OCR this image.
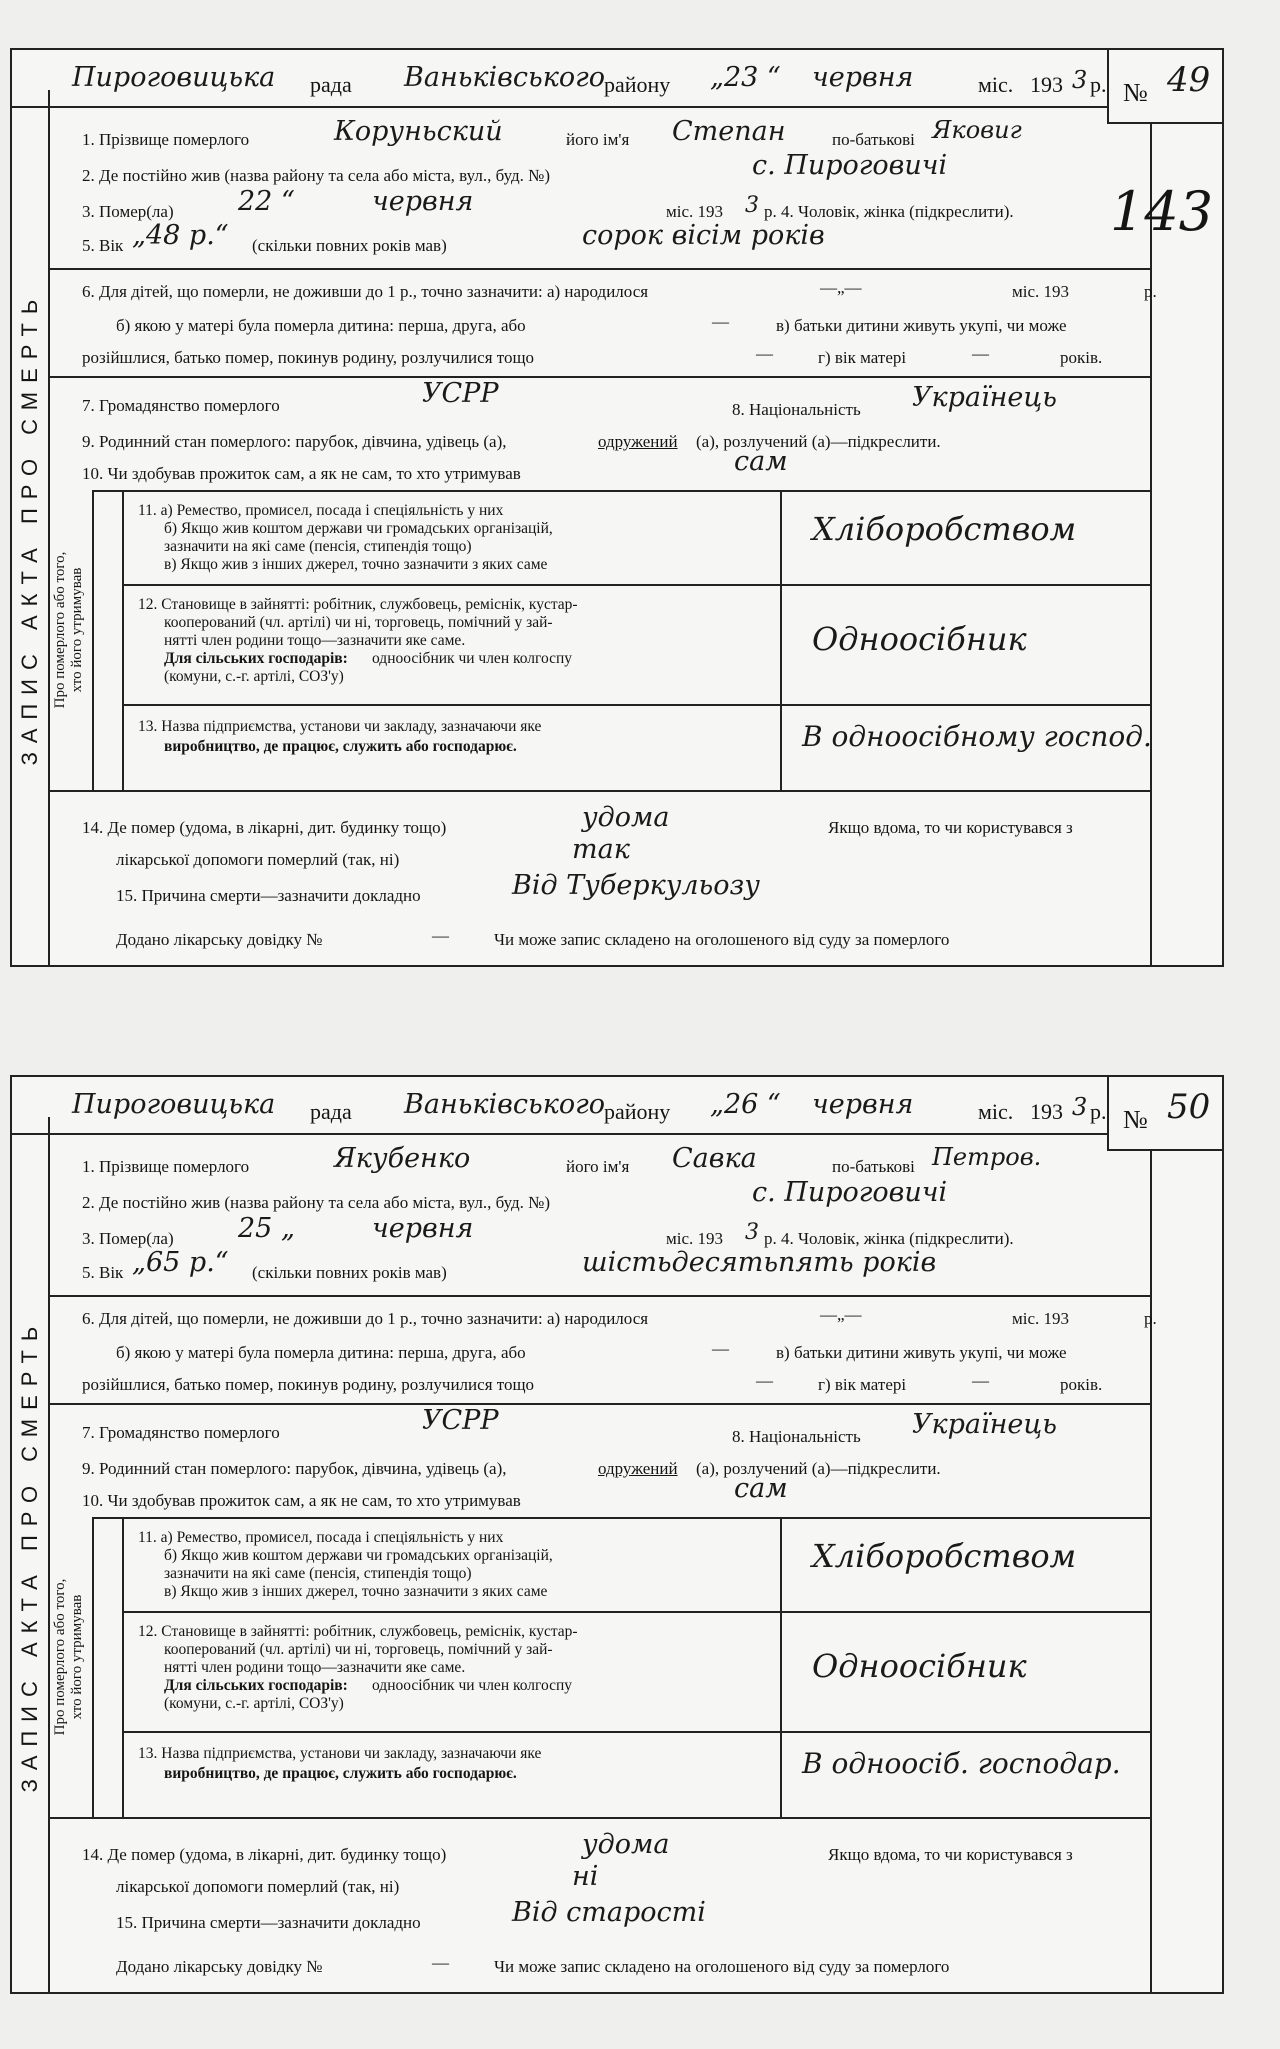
ЗАПИС АКТА ПРО СМЕРТЬ
№ 49
Пироговицька рада Ваньківського району „23 “ червня	міс. 193 3 р.
1. Прізвище померлого	Коруньский	його ім'я Степан	по-батькові Яковиг
2. Де постійно жив (назва району та села або міста, вул., буд. №)	с. Пироговичі
3. Помер(ла) 22 “	червня	міс. 193 3 р. 4. Чоловік, жінка (підкреслити).
5. Вік „48 р.“ (скільки повних років мав)	сорок вісім років
6. Для дітей, що померли, не доживши до 1 р., точно зазначити: а) народилося	—„—	міс. 193	р.
б) якою у матері була померла дитина: перша, друга, або	—	в) батьки дитини живуть укупі, чи може
розійшлися, батько помер, покинув родину, розлучилися тощо	—	г) вік матері	—	років.
7. Громадянство померлого	УСРР
8. Національність Українець
9. Родинний стан померлого: парубок, дівчина, удівець (а),	одружений (а), розлучений (а)—підкреслити.
10. Чи здобував прожиток сам, а як не сам, то хто утримував	сам
Про померлого або того,
хто його утримував
11. а) Ремество, промисел, посада і спеціяльність у них
б) Якщо жив коштом держави чи громадських організацій,
зазначити на які саме (пенсія, стипендія тощо)
в) Якщо жив з інших джерел, точно зазначити з яких саме
Хліборобством
12. Становище в зайнятті: робітник, службовець, реміснік, кустар-
кооперований (чл. артілі) чи ні, торговець, помічний у зай-
нятті член родини тощо—зазначити яке саме.
Для сільських господарів: одноосібник чи член колгоспу
(комуни, с.-г. артілі, СОЗ'у)
Одноосібник
13. Назва підприємства, установи чи закладу, зазначаючи яке
виробництво, де працює, служить або господарює.	В одноосібному господ.
14. Де помер (удома, в лікарні, дит. будинку тощо)	удома	Якщо вдома, то чи користувався з
лікарської допомоги померлий (так, ні)	так
15. Причина смерти—зазначити докладно	Від Туберкульозу
Додано лікарську довідку №	—	Чи може запис складено на оголошеного від суду за померлого
143
ЗАПИС АКТА ПРО СМЕРТЬ
№ 50
Пироговицька рада Ваньківського району „26 “ червня	міс. 193 3 р.
1. Прізвище померлого	Якубенко	його ім'я Савка	по-батькові Петров.
2. Де постійно жив (назва району та села або міста, вул., буд. №)	с. Пироговичі
3. Помер(ла) 25 „	червня	міс. 193 3 р. 4. Чоловік, жінка (підкреслити).
5. Вік „65 р.“ (скільки повних років мав)	шістьдесятьпять років
6. Для дітей, що померли, не доживши до 1 р., точно зазначити: а) народилося	—„—	міс. 193	р.
б) якою у матері була померла дитина: перша, друга, або	—	в) батьки дитини живуть укупі, чи може
розійшлися, батько помер, покинув родину, розлучилися тощо	—	г) вік матері	—	років.
7. Громадянство померлого	УСРР
8. Національність Українець
9. Родинний стан померлого: парубок, дівчина, удівець (а),	одружений (а), розлучений (а)—підкреслити.
10. Чи здобував прожиток сам, а як не сам, то хто утримував	сам
Про померлого або того,
хто його утримував
11. а) Ремество, промисел, посада і спеціяльність у них
б) Якщо жив коштом держави чи громадських організацій,
зазначити на які саме (пенсія, стипендія тощо)
в) Якщо жив з інших джерел, точно зазначити з яких саме
Хліборобством
12. Становище в зайнятті: робітник, службовець, реміснік, кустар-
кооперований (чл. артілі) чи ні, торговець, помічний у зай-
нятті член родини тощо—зазначити яке саме.
Для сільських господарів: одноосібник чи член колгоспу
(комуни, с.-г. артілі, СОЗ'у)
Одноосібник
13. Назва підприємства, установи чи закладу, зазначаючи яке
виробництво, де працює, служить або господарює.	В одноосіб. господар.
14. Де помер (удома, в лікарні, дит. будинку тощо)	удома	Якщо вдома, то чи користувався з
лікарської допомоги померлий (так, ні)	ні
15. Причина смерти—зазначити докладно	Від старості
Додано лікарську довідку №	—	Чи може запис складено на оголошеного від суду за померлого
